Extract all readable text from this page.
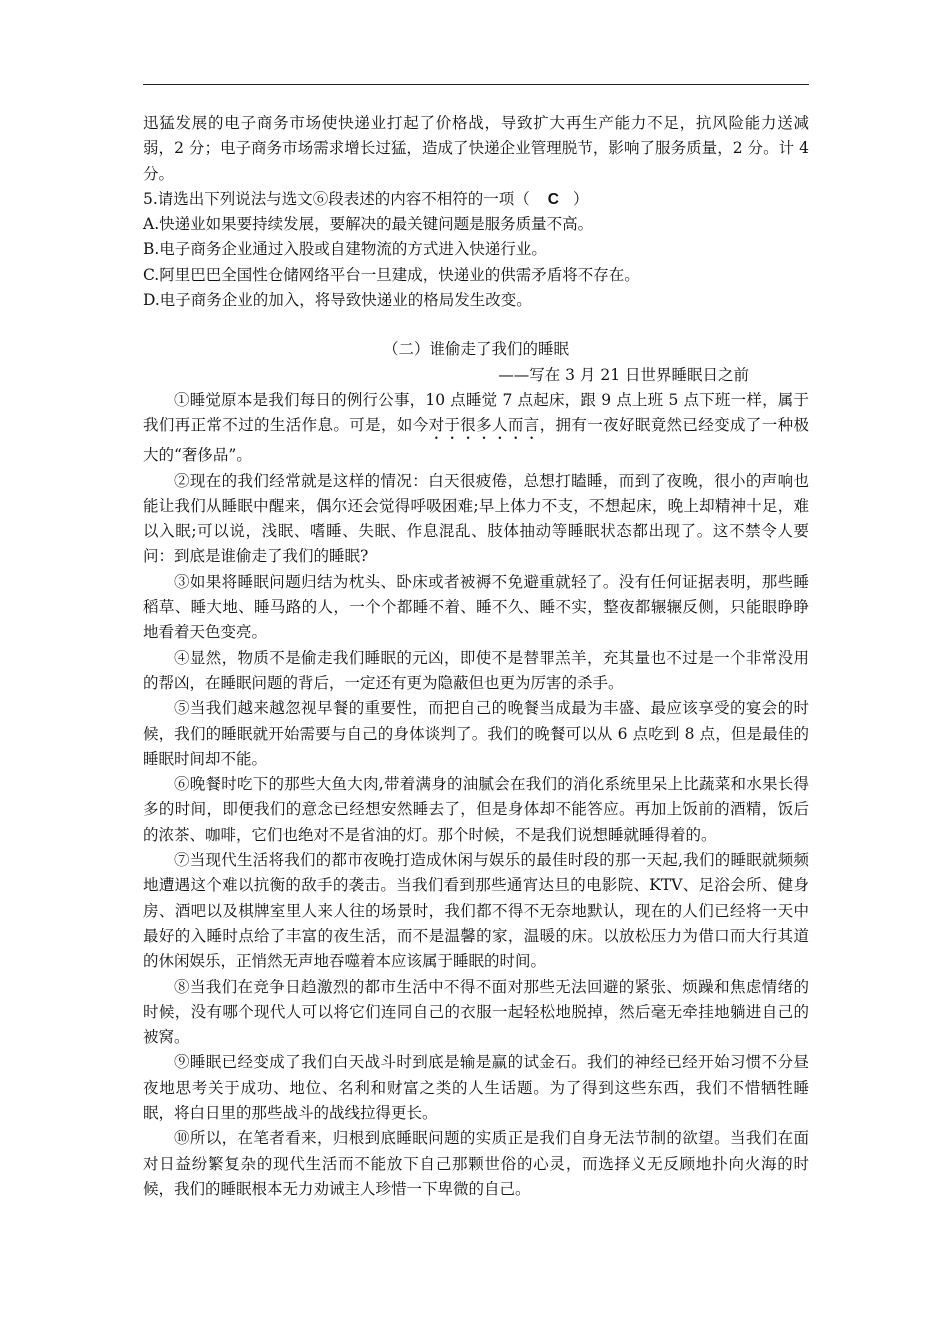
迅猛发展的电子商务市场使快递业打起了价格战，导致扩大再生产能力不足，抗风险能力送减弱，2 分；电子商务市场需求增长过猛，造成了快递企业管理脱节，影响了服务质量，2 分。计 4 分。

5.请选出下列说法与选文⑥段表述的内容不相符的一项（ C ）

A.快递业如果要持续发展，要解决的最关键问题是服务质量不高。

B.电子商务企业通过入股或自建物流的方式进入快递行业。

C.阿里巴巴全国性仓储网络平台一旦建成，快递业的供需矛盾将不存在。

D.电子商务企业的加入，将导致快递业的格局发生改变。

（二）谁偷走了我们的睡眠

——写在 3 月 21 日世界睡眠日之前

①睡觉原本是我们每日的例行公事，10 点睡觉 7 点起床，跟 9 点上班 5 点下班一样，属于我们再正常不过的生活作息。可是，如今对于很多人而言，拥有一夜好眠竟然已经变成了一种极大的“奢侈品”。

②现在的我们经常就是这样的情况：白天很疲倦，总想打瞌睡，而到了夜晚，很小的声响也能让我们从睡眠中醒来，偶尔还会觉得呼吸困难;早上体力不支，不想起床，晚上却精神十足，难以入眠;可以说，浅眠、嗜睡、失眠、作息混乱、肢体抽动等睡眠状态都出现了。这不禁令人要问：到底是谁偷走了我们的睡眠?

③如果将睡眠问题归结为枕头、卧床或者被褥不免避重就轻了。没有任何证据表明，那些睡稻草、睡大地、睡马路的人，一个个都睡不着、睡不久、睡不实，整夜都辗辗反侧，只能眼睁睁地看着天色变亮。

④显然，物质不是偷走我们睡眠的元凶，即使不是替罪羔羊，充其量也不过是一个非常没用的帮凶，在睡眠问题的背后，一定还有更为隐蔽但也更为厉害的杀手。

⑤当我们越来越忽视早餐的重要性，而把自己的晚餐当成最为丰盛、最应该享受的宴会的时候，我们的睡眠就开始需要与自己的身体谈判了。我们的晚餐可以从 6 点吃到 8 点，但是最佳的睡眠时间却不能。

⑥晚餐时吃下的那些大鱼大肉,带着满身的油腻会在我们的消化系统里呆上比蔬菜和水果长得多的时间，即便我们的意念已经想安然睡去了，但是身体却不能答应。再加上饭前的酒精，饭后的浓茶、咖啡，它们也绝对不是省油的灯。那个时候，不是我们说想睡就睡得着的。

⑦当现代生活将我们的都市夜晚打造成休闲与娱乐的最佳时段的那一天起,我们的睡眠就频频地遭遇这个难以抗衡的敌手的袭击。当我们看到那些通宵达旦的电影院、KTV、足浴会所、健身房、酒吧以及棋牌室里人来人往的场景时，我们都不得不无奈地默认，现在的人们已经将一天中最好的入睡时点给了丰富的夜生活，而不是温馨的家，温暖的床。以放松压力为借口而大行其道的休闲娱乐，正悄然无声地吞噬着本应该属于睡眠的时间。

⑧当我们在竞争日趋激烈的都市生活中不得不面对那些无法回避的紧张、烦躁和焦虑情绪的时候，没有哪个现代人可以将它们连同自己的衣服一起轻松地脱掉，然后毫无牵挂地躺进自己的被窝。

⑨睡眠已经变成了我们白天战斗时到底是输是赢的试金石。我们的神经已经开始习惯不分昼夜地思考关于成功、地位、名利和财富之类的人生话题。为了得到这些东西，我们不惜牺牲睡眠，将白日里的那些战斗的战线拉得更长。

⑩所以，在笔者看来，归根到底睡眠问题的实质正是我们自身无法节制的欲望。当我们在面对日益纷繁复杂的现代生活而不能放下自己那颗世俗的心灵，而选择义无反顾地扑向火海的时候，我们的睡眠根本无力劝诫主人珍惜一下卑微的自己。
